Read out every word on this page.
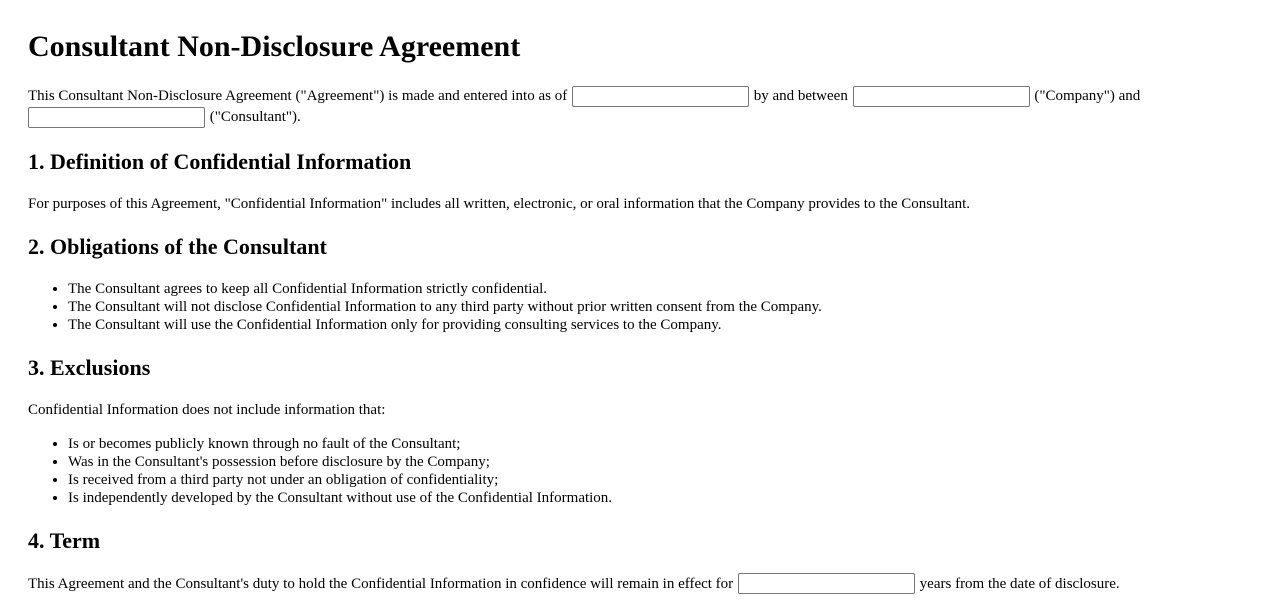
Consultant Non-Disclosure Agreement

This Consultant Non-Disclosure Agreement ("Agreement") is made and entered into as of	by and between	("Company") and
("Consultant").

1. Definition of Confidential Information

For purposes of this Agreement, "Confidential Information" includes all written, electronic, or oral information that the Company provides to the Consultant.

2. Obligations of the Consultant
• The Consultant agrees to keep all Confidential Information strictly confidential.
• The Consultant will not disclose Confidential Information to any third party without prior written consent from the Company.
• The Consultant will use the Confidential Information only for providing consulting services to the Company.
3. Exclusions

Confidential Information does not include information that:

• Is or becomes publicly known through no fault of the Consultant;
• Was in the Consultant's possession before disclosure by the Company;
• Is received from a third party not under an obligation of confidentiality;
• Is independently developed by the Consultant without use of the Confidential Information.
4. Term

This Agreement and the Consultant's duty to hold the Confidential Information in confidence will remain in effect for	years from the date of disclosure.
